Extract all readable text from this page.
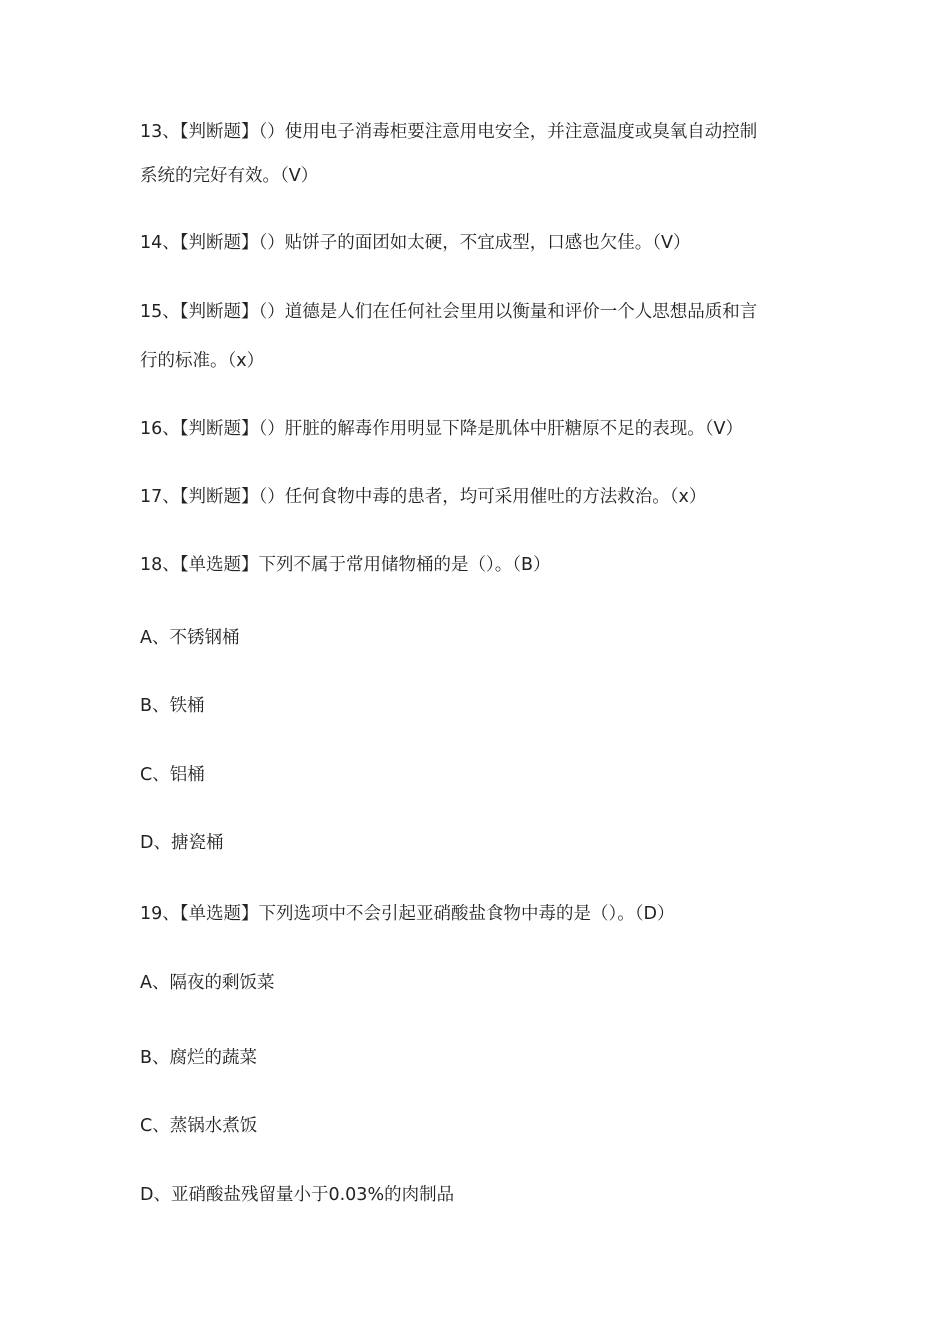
13、【判断题】（）使用电子消毒柜要注意用电安全，并注意温度或臭氧自动控制

系统的完好有效。（V）

14、【判断题】（）贴饼子的面团如太硬，不宜成型，口感也欠佳。（V）

15、【判断题】（）道德是人们在任何社会里用以衡量和评价一个人思想品质和言

行的标准。（x）

16、【判断题】（）肝脏的解毒作用明显下降是肌体中肝糖原不足的表现。（V）

17、【判断题】（）任何食物中毒的患者，均可采用催吐的方法救治。（x）

18、【单选题】下列不属于常用储物桶的是（）。（B）

A、不锈钢桶

B、铁桶

C、铝桶

D、搪瓷桶

19、【单选题】下列选项中不会引起亚硝酸盐食物中毒的是（）。（D）

A、隔夜的剩饭菜

B、腐烂的蔬菜

C、蒸锅水煮饭

D、亚硝酸盐残留量小于0.03%的肉制品
